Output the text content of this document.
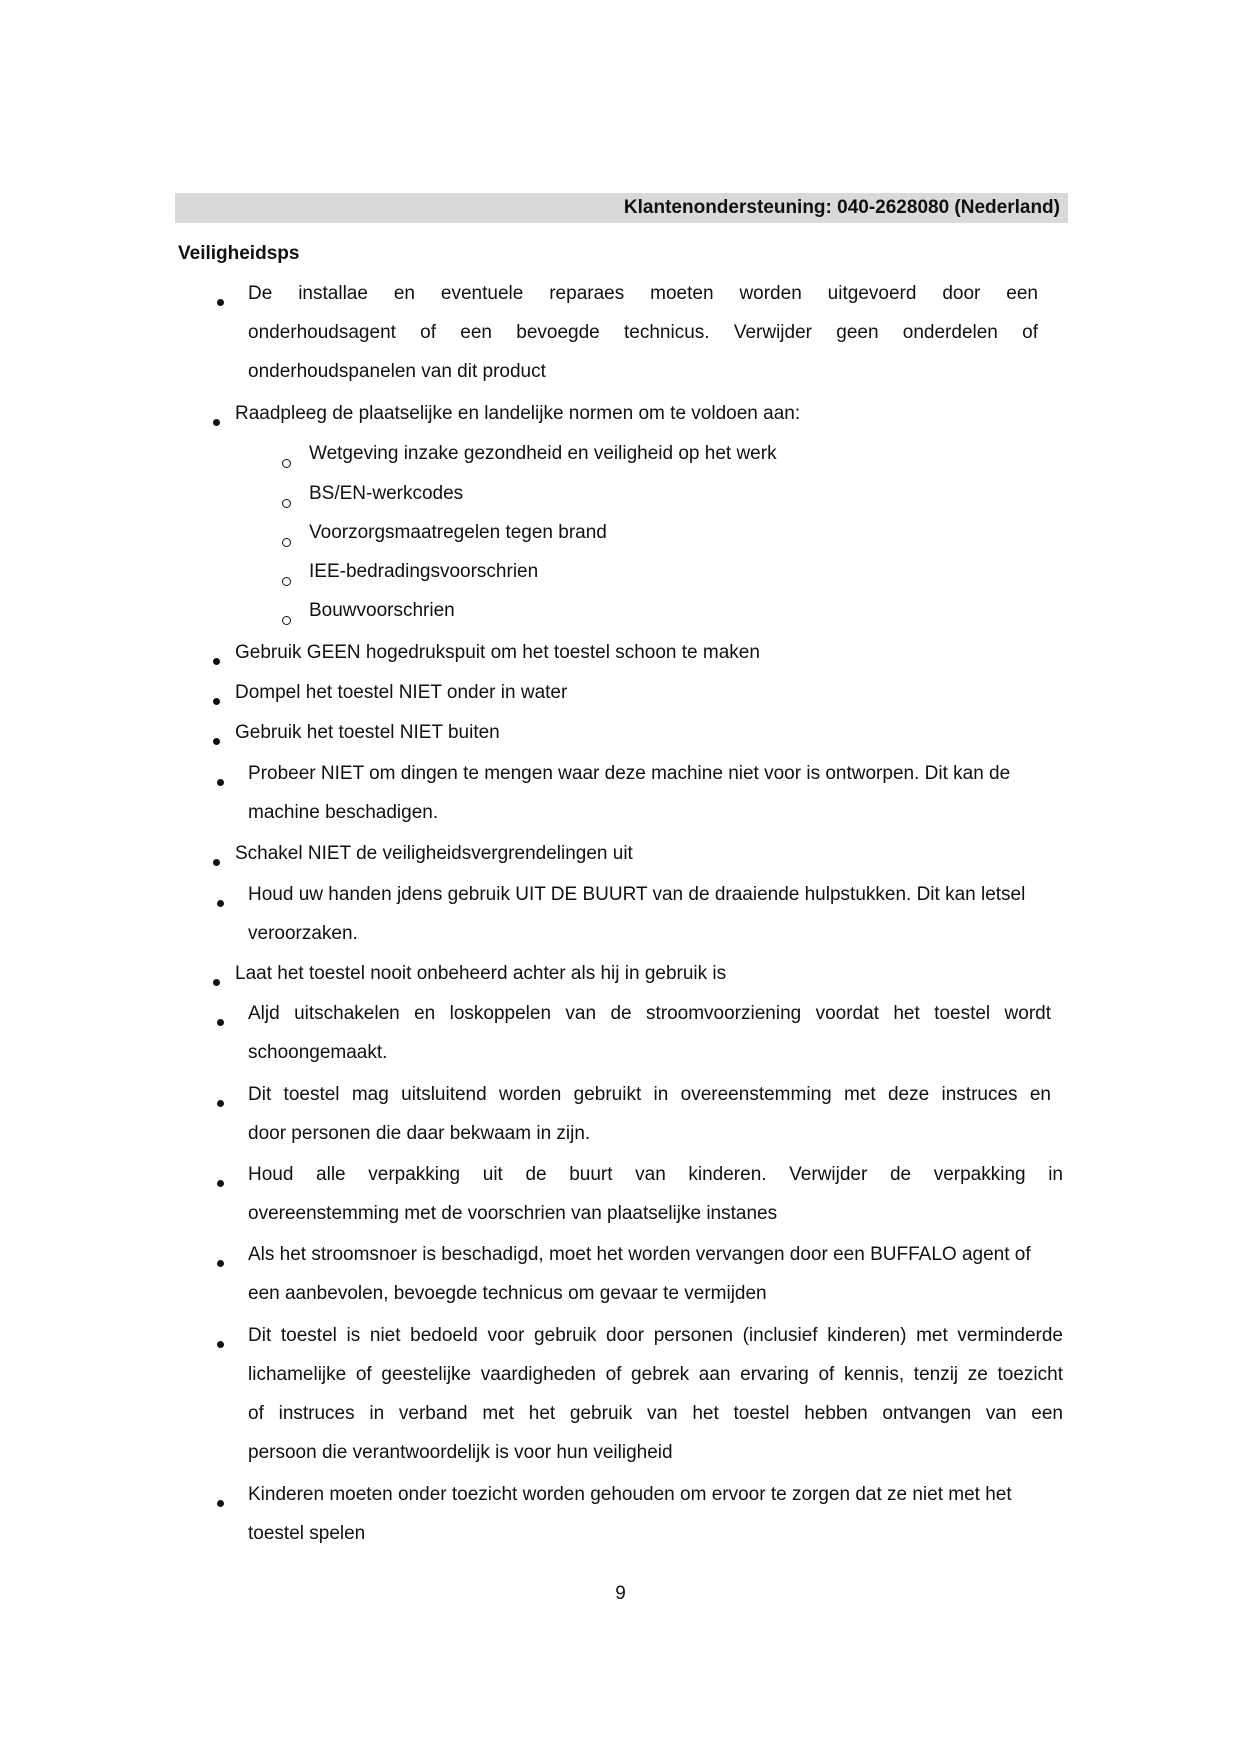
Klantenondersteuning: 040-2628080 (Nederland)
Veiligheidsps
De installae en eventuele reparaes moeten worden uitgevoerd door een
onderhoudsagent of een bevoegde technicus. Verwijder geen onderdelen of
onderhoudspanelen van dit product
Raadpleeg de plaatselijke en landelijke normen om te voldoen aan:
Wetgeving inzake gezondheid en veiligheid op het werk
BS/EN-werkcodes
Voorzorgsmaatregelen tegen brand
IEE-bedradingsvoorschrien
Bouwvoorschrien
Gebruik GEEN hogedrukspuit om het toestel schoon te maken
Dompel het toestel NIET onder in water
Gebruik het toestel NIET buiten
Probeer NIET om dingen te mengen waar deze machine niet voor is ontworpen. Dit kan de
machine beschadigen.
Schakel NIET de veiligheidsvergrendelingen uit
Houd uw handen jdens gebruik UIT DE BUURT van de draaiende hulpstukken. Dit kan letsel
veroorzaken.
Laat het toestel nooit onbeheerd achter als hij in gebruik is
Aljd uitschakelen en loskoppelen van de stroomvoorziening voordat het toestel wordt
schoongemaakt.
Dit toestel mag uitsluitend worden gebruikt in overeenstemming met deze instruces en
door personen die daar bekwaam in zijn.
Houd alle verpakking uit de buurt van kinderen. Verwijder de verpakking in
overeenstemming met de voorschrien van plaatselijke instanes
Als het stroomsnoer is beschadigd, moet het worden vervangen door een BUFFALO agent of
een aanbevolen, bevoegde technicus om gevaar te vermijden
Dit toestel is niet bedoeld voor gebruik door personen (inclusief kinderen) met verminderde
lichamelijke of geestelijke vaardigheden of gebrek aan ervaring of kennis, tenzij ze toezicht
of instruces in verband met het gebruik van het toestel hebben ontvangen van een
persoon die verantwoordelijk is voor hun veiligheid
Kinderen moeten onder toezicht worden gehouden om ervoor te zorgen dat ze niet met het
toestel spelen
9
